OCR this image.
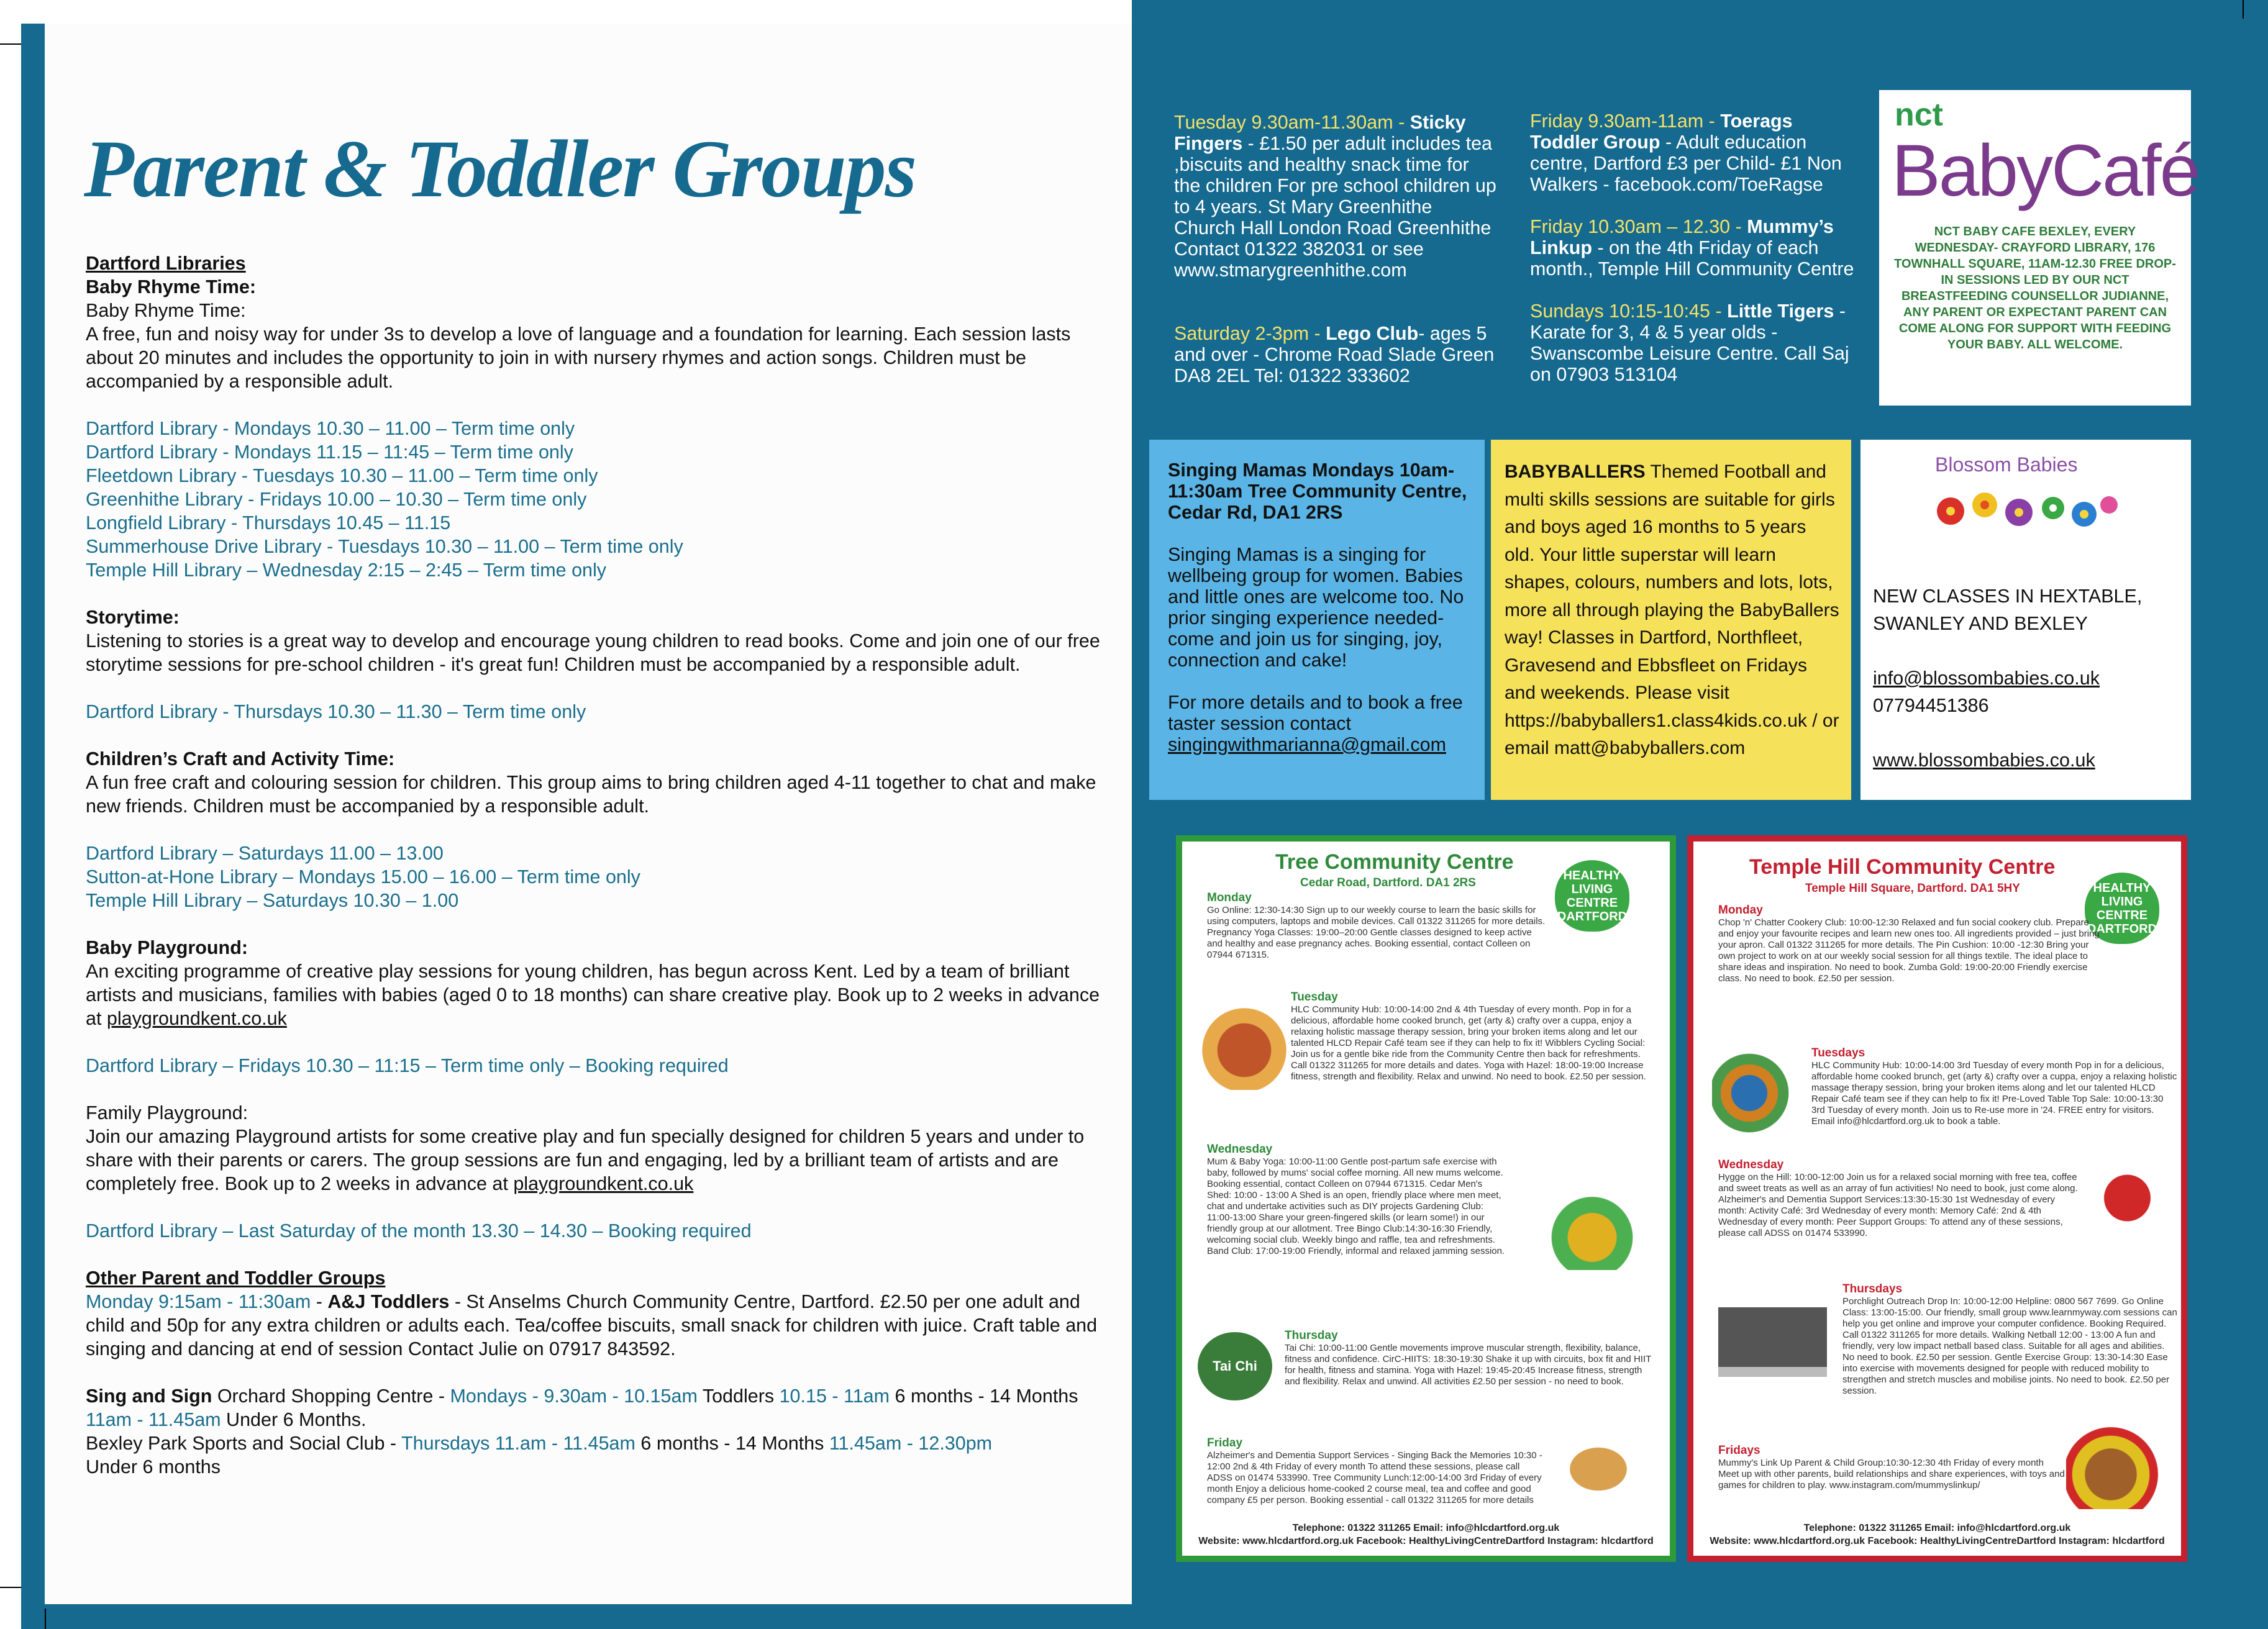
Parent & Toddler Groups

Dartford Libraries

Baby Rhyme Time:

Baby Rhyme Time:

A free, fun and noisy way for under 3s to develop a love of language and a foundation for learning. Each session lasts about 20 minutes and includes the opportunity to join in with nursery rhymes and action songs. Children must be accompanied by a responsible adult.

Dartford Library - Mondays 10.30 – 11.00 – Term time only

Dartford Library - Mondays 11.15 – 11:45 – Term time only

Fleetdown Library - Tuesdays 10.30 – 11.00 – Term time only

Greenhithe Library - Fridays 10.00 – 10.30 – Term time only

Longfield Library - Thursdays 10.45 – 11.15

Summerhouse Drive Library - Tuesdays 10.30 – 11.00 – Term time only

Temple Hill Library – Wednesday 2:15 – 2:45 – Term time only

Storytime:

Listening to stories is a great way to develop and encourage young children to read books. Come and join one of our free storytime sessions for pre-school children - it's great fun! Children must be accompanied by a responsible adult.

Dartford Library - Thursdays 10.30 – 11.30 – Term time only

Children’s Craft and Activity Time:

A fun free craft and colouring session for children. This group aims to bring children aged 4-11 together to chat and make new friends. Children must be accompanied by a responsible adult.

Dartford Library – Saturdays 11.00 – 13.00

Sutton-at-Hone Library – Mondays 15.00 – 16.00 – Term time only

Temple Hill Library – Saturdays 10.30 – 1.00

Baby Playground:

An exciting programme of creative play sessions for young children, has begun across Kent. Led by a team of brilliant artists and musicians, families with babies (aged 0 to 18 months) can share creative play. Book up to 2 weeks in advance at playgroundkent.co.uk

Dartford Library – Fridays 10.30 – 11:15 – Term time only – Booking required

Family Playground:

Join our amazing Playground artists for some creative play and fun specially designed for children 5 years and under to share with their parents or carers. The group sessions are fun and engaging, led by a brilliant team of artists and are completely free. Book up to 2 weeks in advance at playgroundkent.co.uk

Dartford Library – Last Saturday of the month 13.30 – 14.30 – Booking required

Other Parent and Toddler Groups

Monday 9:15am - 11:30am - A&J Toddlers - St Anselms Church Community Centre, Dartford. £2.50 per one adult and child and 50p for any extra children or adults each. Tea/coffee biscuits, small snack for children with juice. Craft table and singing and dancing at end of session Contact Julie on 07917 843592.

Sing and Sign Orchard Shopping Centre - Mondays - 9.30am - 10.15am Toddlers 10.15 - 11am 6 months - 14 Months 11am - 11.45am Under 6 Months.

Bexley Park Sports and Social Club - Thursdays 11.am - 11.45am 6 months - 14 Months 11.45am - 12.30pm

Under 6 months

Tuesday 9.30am-11.30am - Sticky Fingers - £1.50 per adult includes tea ,biscuits and healthy snack time for the children For pre school children up to 4 years. St Mary Greenhithe Church Hall London Road Greenhithe Contact 01322 382031 or see www.stmarygreenhithe.com

Saturday 2-3pm - Lego Club- ages 5 and over - Chrome Road Slade Green DA8 2EL Tel: 01322 333602

Friday 9.30am-11am - Toerags Toddler Group - Adult education centre, Dartford £3 per Child- £1 Non Walkers - facebook.com/ToeRagse

Friday 10.30am – 12.30 - Mummy’s Linkup - on the 4th Friday of each month., Temple Hill Community Centre

Sundays 10:15-10:45 - Little Tigers - Karate for 3, 4 & 5 year olds - Swanscombe Leisure Centre. Call Saj on 07903 513104

nct
BabyCafé
NCT BABY CAFE BEXLEY, EVERY WEDNESDAY- CRAYFORD LIBRARY, 176 TOWNHALL SQUARE, 11AM-12.30 FREE DROP-IN SESSIONS LED BY OUR NCT BREASTFEEDING COUNSELLOR JUDIANNE, ANY PARENT OR EXPECTANT PARENT CAN COME ALONG FOR SUPPORT WITH FEEDING YOUR BABY. ALL WELCOME.

Singing Mamas Mondays 10am- 11:30am Tree Community Centre, Cedar Rd, DA1 2RS

Singing Mamas is a singing for wellbeing group for women. Babies and little ones are welcome too. No prior singing experience needed- come and join us for singing, joy, connection and cake!

For more details and to book a free taster session contact singingwithmarianna@gmail.com

BABYBALLERS Themed Football and multi skills sessions are suitable for girls and boys aged 16 months to 5 years old. Your little superstar will learn shapes, colours, numbers and lots, lots, more all through playing the BabyBallers way! Classes in Dartford, Northfleet, Gravesend and Ebbsfleet on Fridays and weekends. Please visit https://babyballers1.class4kids.co.uk / or email matt@babyballers.com
Blossom Babies

NEW CLASSES IN HEXTABLE, SWANLEY AND BEXLEY

info@blossombabies.co.uk

07794451386

www.blossombabies.co.uk

Tree Community Centre
Cedar Road, Dartford. DA1 2RS
HEALTHY LIVING CENTRE DARTFORD
Monday
Go Online: 12:30-14:30 Sign up to our weekly course to learn the basic skills for using computers, laptops and mobile devices. Call 01322 311265 for more details. Pregnancy Yoga Classes: 19:00–20:00 Gentle classes designed to keep active and healthy and ease pregnancy aches. Booking essential, contact Colleen on 07944 671315.
Tuesday
HLC Community Hub: 10:00-14:00 2nd & 4th Tuesday of every month. Pop in for a delicious, affordable home cooked brunch, get (arty &) crafty over a cuppa, enjoy a relaxing holistic massage therapy session, bring your broken items along and let our talented HLCD Repair Café team see if they can help to fix it! Wibblers Cycling Social: Join us for a gentle bike ride from the Community Centre then back for refreshments. Call 01322 311265 for more details and dates. Yoga with Hazel: 18:00-19:00 Increase fitness, strength and flexibility. Relax and unwind. No need to book. £2.50 per session.
Wednesday
Mum & Baby Yoga: 10:00-11:00 Gentle post-partum safe exercise with baby, followed by mums' social coffee morning. All new mums welcome. Booking essential, contact Colleen on 07944 671315. Cedar Men's Shed: 10:00 - 13:00 A Shed is an open, friendly place where men meet, chat and undertake activities such as DIY projects Gardening Club: 11:00-13:00 Share your green-fingered skills (or learn some!) in our friendly group at our allotment. Tree Bingo Club:14:30-16:30 Friendly, welcoming social club. Weekly bingo and raffle, tea and refreshments. Band Club: 17:00-19:00 Friendly, informal and relaxed jamming session.
Tai Chi
Thursday
Tai Chi: 10:00-11:00 Gentle movements improve muscular strength, flexibility, balance, fitness and confidence. CirC-HIITS: 18:30-19:30 Shake it up with circuits, box fit and HIIT for health, fitness and stamina. Yoga with Hazel: 19:45-20:45 Increase fitness, strength and flexibility. Relax and unwind. All activities £2.50 per session - no need to book.
Friday
Alzheimer's and Dementia Support Services - Singing Back the Memories 10:30 - 12:00 2nd & 4th Friday of every month To attend these sessions, please call ADSS on 01474 533990. Tree Community Lunch:12:00-14:00 3rd Friday of every month Enjoy a delicious home-cooked 2 course meal, tea and coffee and good company £5 per person. Booking essential - call 01322 311265 for more details
Telephone: 01322 311265 Email: info@hlcdartford.org.uk
Website: www.hlcdartford.org.uk Facebook: HealthyLivingCentreDartford Instagram: hlcdartford
Temple Hill Community Centre
Temple Hill Square, Dartford. DA1 5HY	HEALTHY LIVING CENTRE DARTFORD
Monday
Chop 'n' Chatter Cookery Club: 10:00-12:30 Relaxed and fun social cookery club. Prepare and enjoy your favourite recipes and learn new ones too. All ingredients provided – just bring your apron. Call 01322 311265 for more details. The Pin Cushion: 10:00 -12:30 Bring your own project to work on at our weekly social session for all things textile. The ideal place to share ideas and inspiration. No need to book. Zumba Gold: 19:00-20:00 Friendly exercise class. No need to book. £2.50 per session.
Tuesdays
HLC Community Hub: 10:00-14:00 3rd Tuesday of every month Pop in for a delicious, affordable home cooked brunch, get (arty &) crafty over a cuppa, enjoy a relaxing holistic massage therapy session, bring your broken items along and let our talented HLCD Repair Café team see if they can help to fix it! Pre-Loved Table Top Sale: 10:00-13:30 3rd Tuesday of every month. Join us to Re-use more in '24. FREE entry for visitors. Email info@hlcdartford.org.uk to book a table.
Wednesday
Hygge on the Hill: 10:00-12:00 Join us for a relaxed social morning with free tea, coffee and sweet treats as well as an array of fun activities! No need to book, just come along. Alzheimer's and Dementia Support Services:13:30-15:30 1st Wednesday of every month: Activity Café: 3rd Wednesday of every month: Memory Café: 2nd & 4th Wednesday of every month: Peer Support Groups: To attend any of these sessions, please call ADSS on 01474 533990.
Thursdays
Porchlight Outreach Drop In: 10:00-12:00 Helpline: 0800 567 7699. Go Online Class: 13:00-15:00. Our friendly, small group www.learnmyway.com sessions can help you get online and improve your computer confidence. Booking Required. Call 01322 311265 for more details. Walking Netball 12:00 - 13:00 A fun and friendly, very low impact netball based class. Suitable for all ages and abilities. No need to book. £2.50 per session. Gentle Exercise Group: 13:30-14:30 Ease into exercise with movements designed for people with reduced mobility to strengthen and stretch muscles and mobilise joints. No need to book. £2.50 per session.
Fridays
Mummy's Link Up Parent & Child Group:10:30-12:30 4th Friday of every month Meet up with other parents, build relationships and share experiences, with toys and games for children to play. www.instagram.com/mummyslinkup/
Telephone: 01322 311265 Email: info@hlcdartford.org.uk
Website: www.hlcdartford.org.uk Facebook: HealthyLivingCentreDartford Instagram: hlcdartford
